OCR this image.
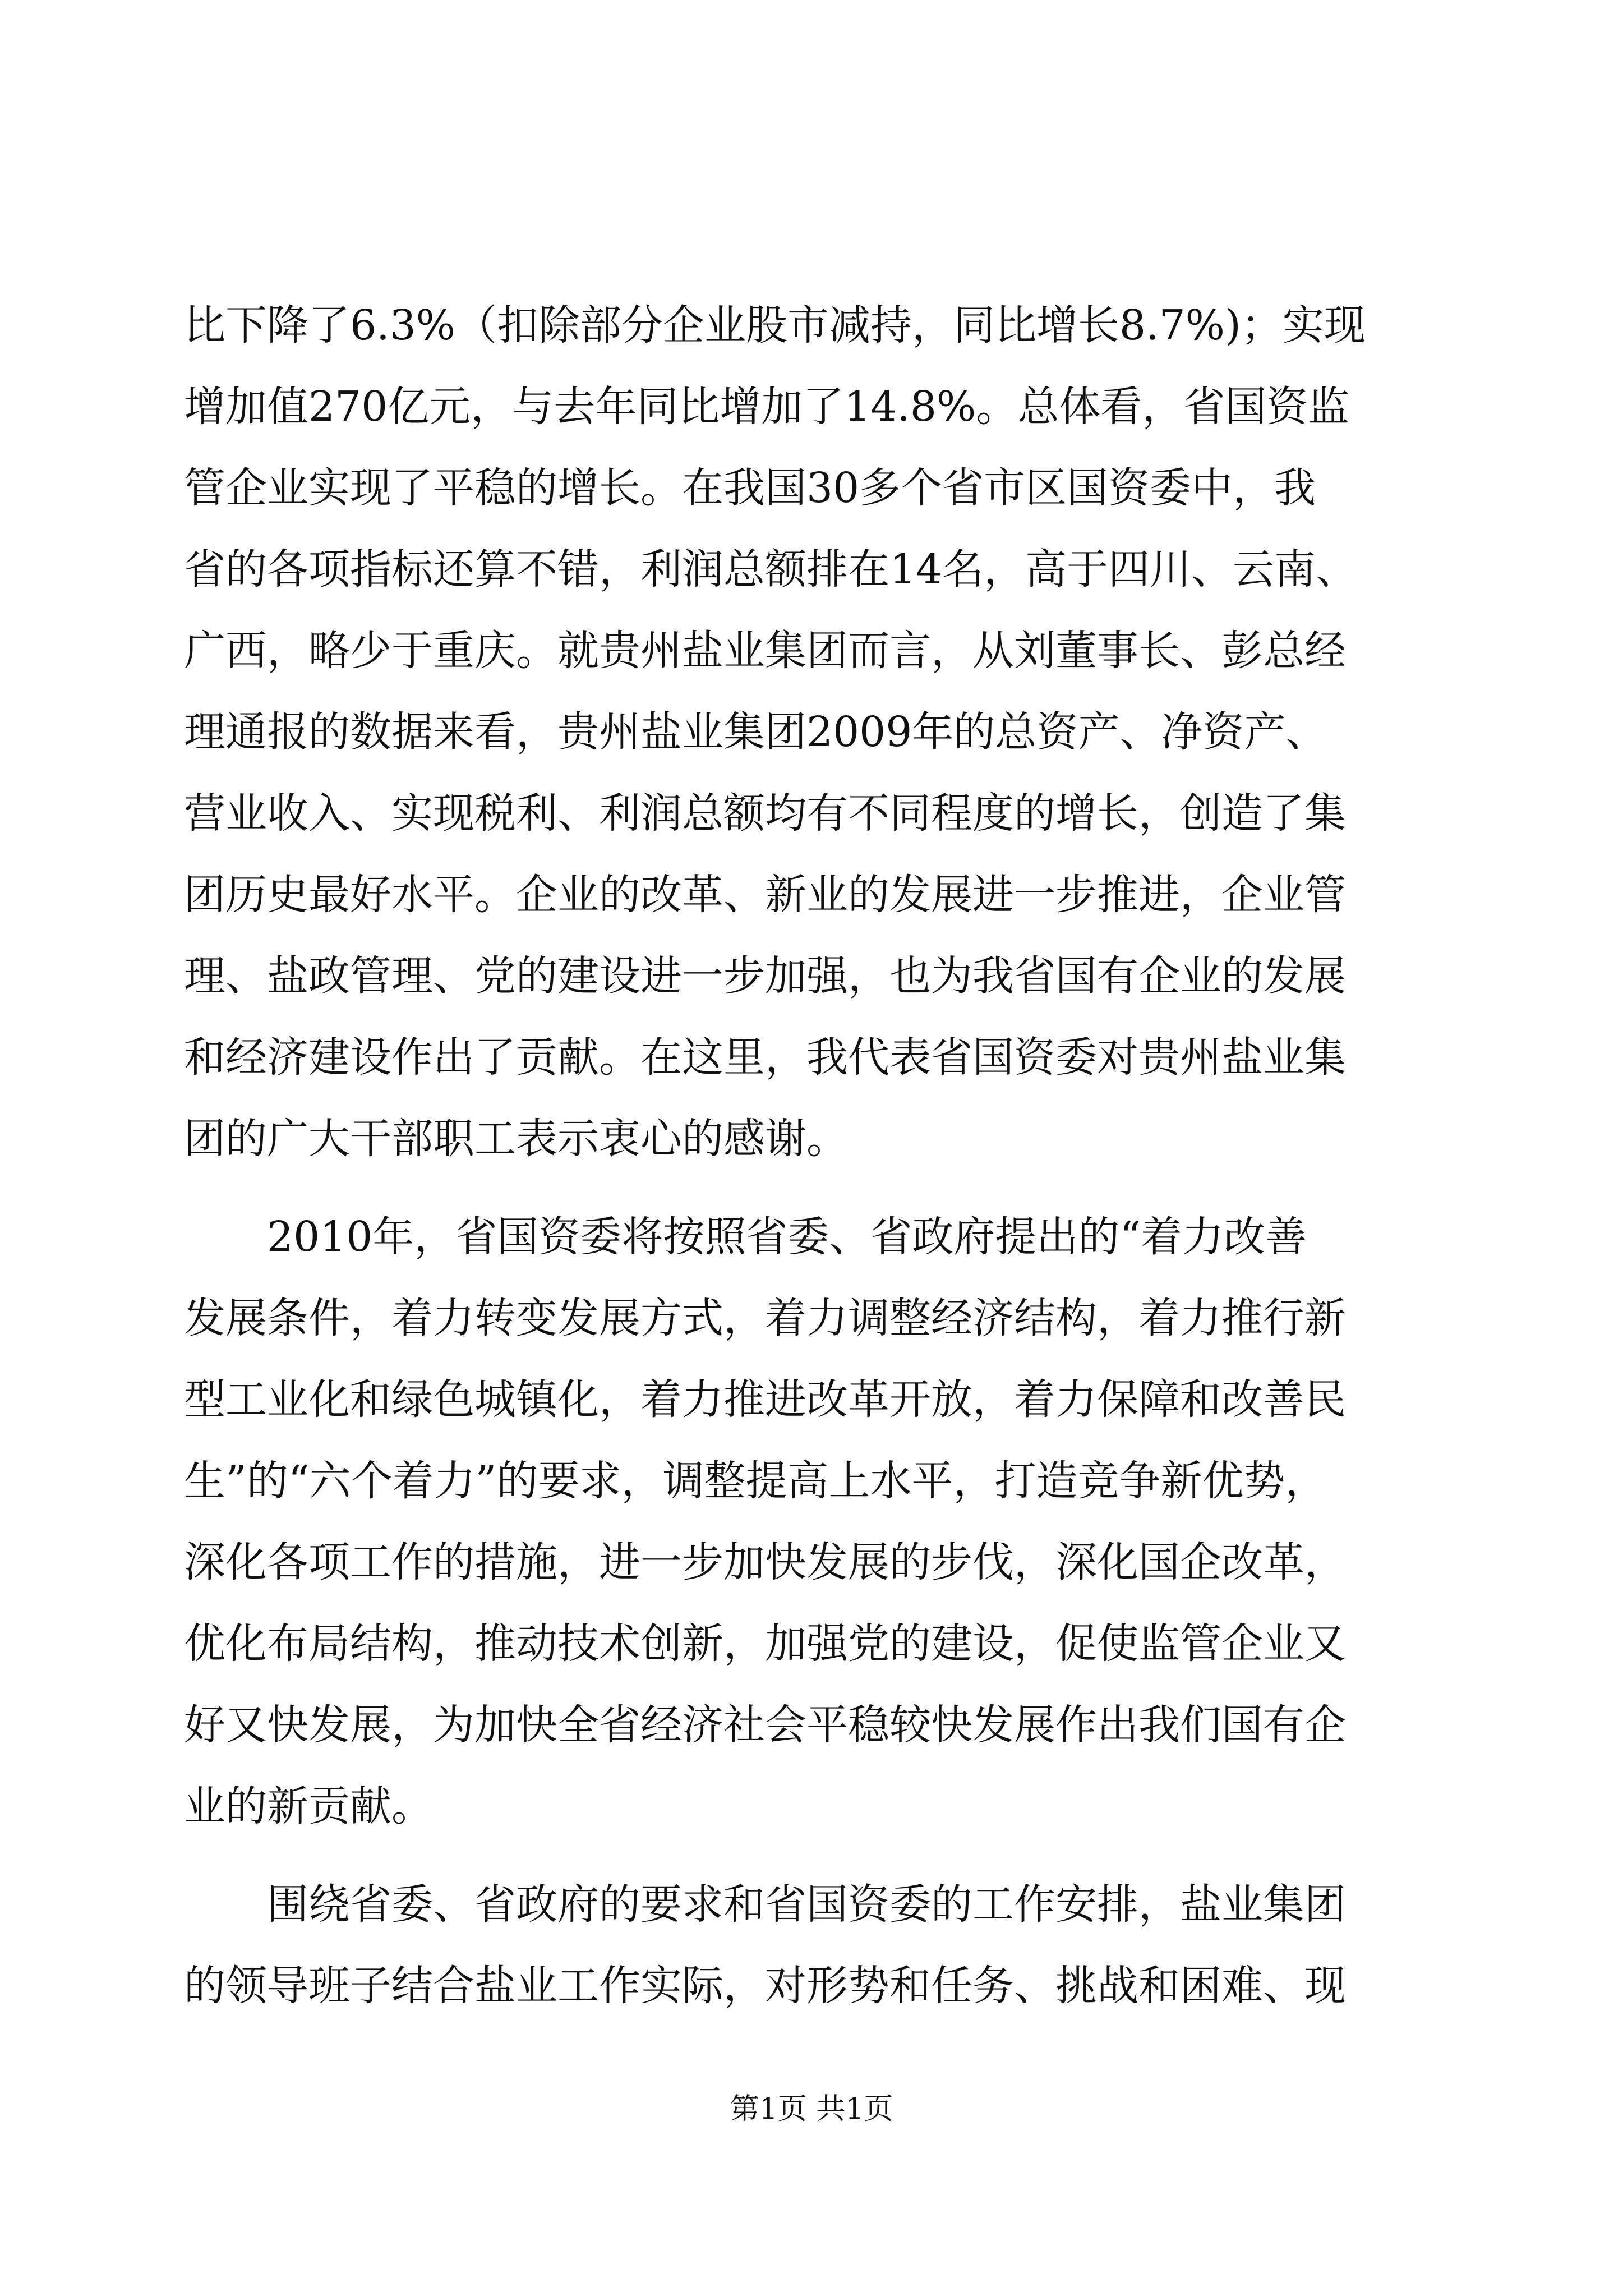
比下降了6.3%（扣除部分企业股市减持，同比增长8.7%)；实现
增加值270亿元，与去年同比增加了14.8%。总体看，省国资监
管企业实现了平稳的增长。在我国30多个省市区国资委中，我
省的各项指标还算不错，利润总额排在14名，高于四川、云南、
广西，略少于重庆。就贵州盐业集团而言，从刘董事长、彭总经
理通报的数据来看，贵州盐业集团2009年的总资产、净资产、
营业收入、实现税利、利润总额均有不同程度的增长，创造了集
团历史最好水平。企业的改革、新业的发展进一步推进，企业管
理、盐政管理、党的建设进一步加强，也为我省国有企业的发展
和经济建设作出了贡献。在这里，我代表省国资委对贵州盐业集
团的广大干部职工表示衷心的感谢。
2010年，省国资委将按照省委、省政府提出的“着力改善
发展条件，着力转变发展方式，着力调整经济结构，着力推行新
型工业化和绿色城镇化，着力推进改革开放，着力保障和改善民
生”的“六个着力”的要求，调整提高上水平，打造竞争新优势，
深化各项工作的措施，进一步加快发展的步伐，深化国企改革，
优化布局结构，推动技术创新，加强党的建设，促使监管企业又
好又快发展，为加快全省经济社会平稳较快发展作出我们国有企
业的新贡献。
围绕省委、省政府的要求和省国资委的工作安排，盐业集团
的领导班子结合盐业工作实际，对形势和任务、挑战和困难、现
第1页 共1页
